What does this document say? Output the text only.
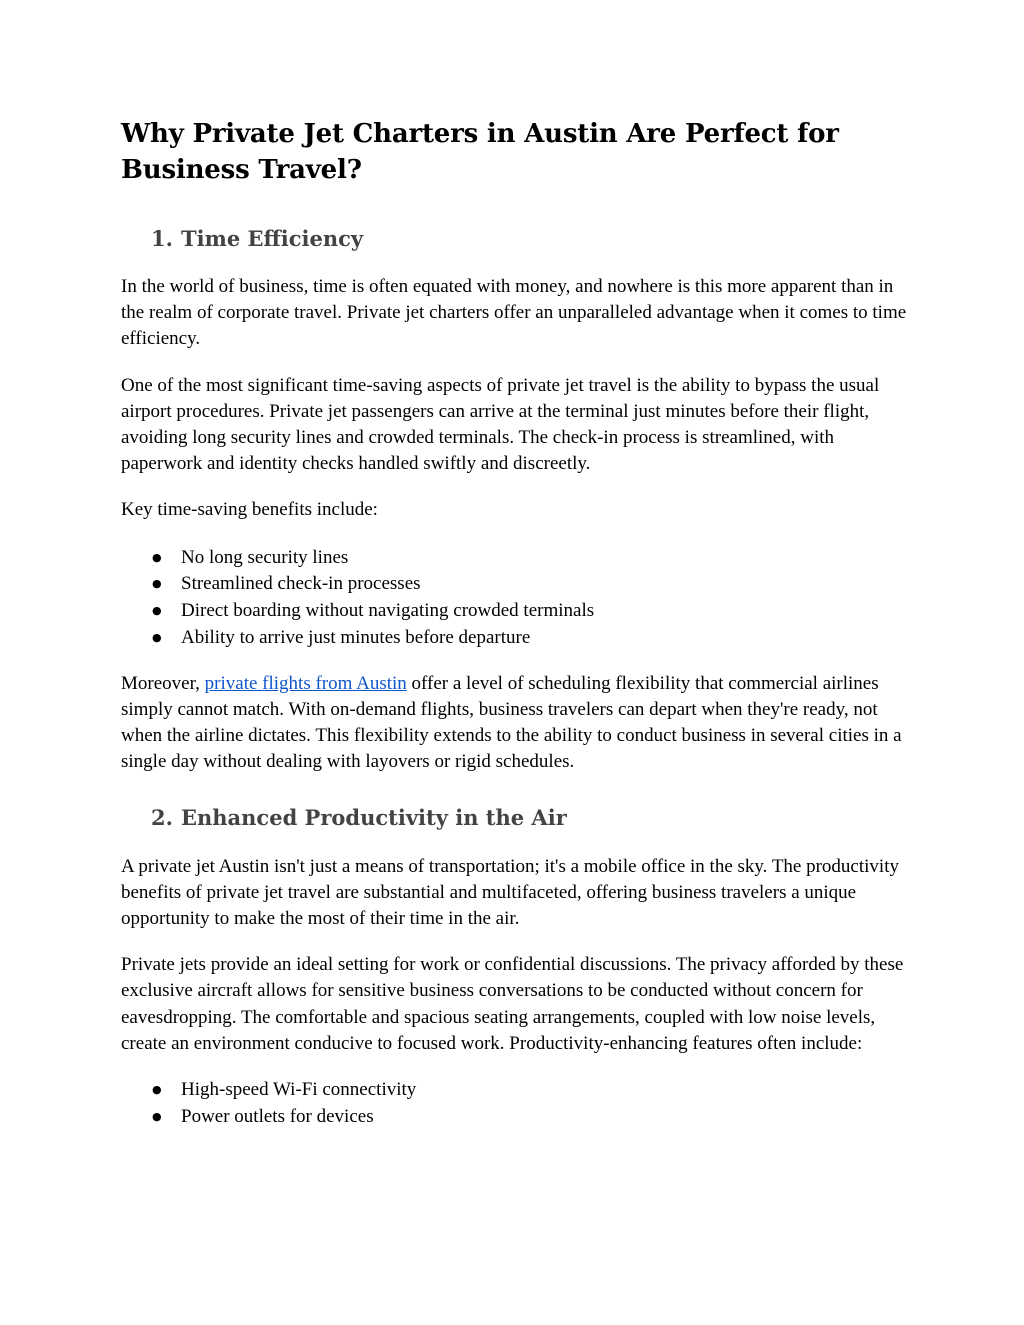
Why Private Jet Charters in Austin Are Perfect for Business Travel?
1. Time Efficiency

In the world of business, time is often equated with money, and nowhere is this more apparent than in the realm of corporate travel. Private jet charters offer an unparalleled advantage when it comes to time efficiency.

One of the most significant time-saving aspects of private jet travel is the ability to bypass the usual airport procedures. Private jet passengers can arrive at the terminal just minutes before their flight, avoiding long security lines and crowded terminals. The check-in process is streamlined, with paperwork and identity checks handled swiftly and discreetly.

Key time-saving benefits include:

● No long security lines
● Streamlined check-in processes
● Direct boarding without navigating crowded terminals
● Ability to arrive just minutes before departure

Moreover, private flights from Austin offer a level of scheduling flexibility that commercial airlines simply cannot match. With on-demand flights, business travelers can depart when they're ready, not when the airline dictates. This flexibility extends to the ability to conduct business in several cities in a single day without dealing with layovers or rigid schedules.

2. Enhanced Productivity in the Air

A private jet Austin isn't just a means of transportation; it's a mobile office in the sky. The productivity benefits of private jet travel are substantial and multifaceted, offering business travelers a unique opportunity to make the most of their time in the air.

Private jets provide an ideal setting for work or confidential discussions. The privacy afforded by these exclusive aircraft allows for sensitive business conversations to be conducted without concern for eavesdropping. The comfortable and spacious seating arrangements, coupled with low noise levels, create an environment conducive to focused work. Productivity-enhancing features often include:

● High-speed Wi-Fi connectivity
● Power outlets for devices
